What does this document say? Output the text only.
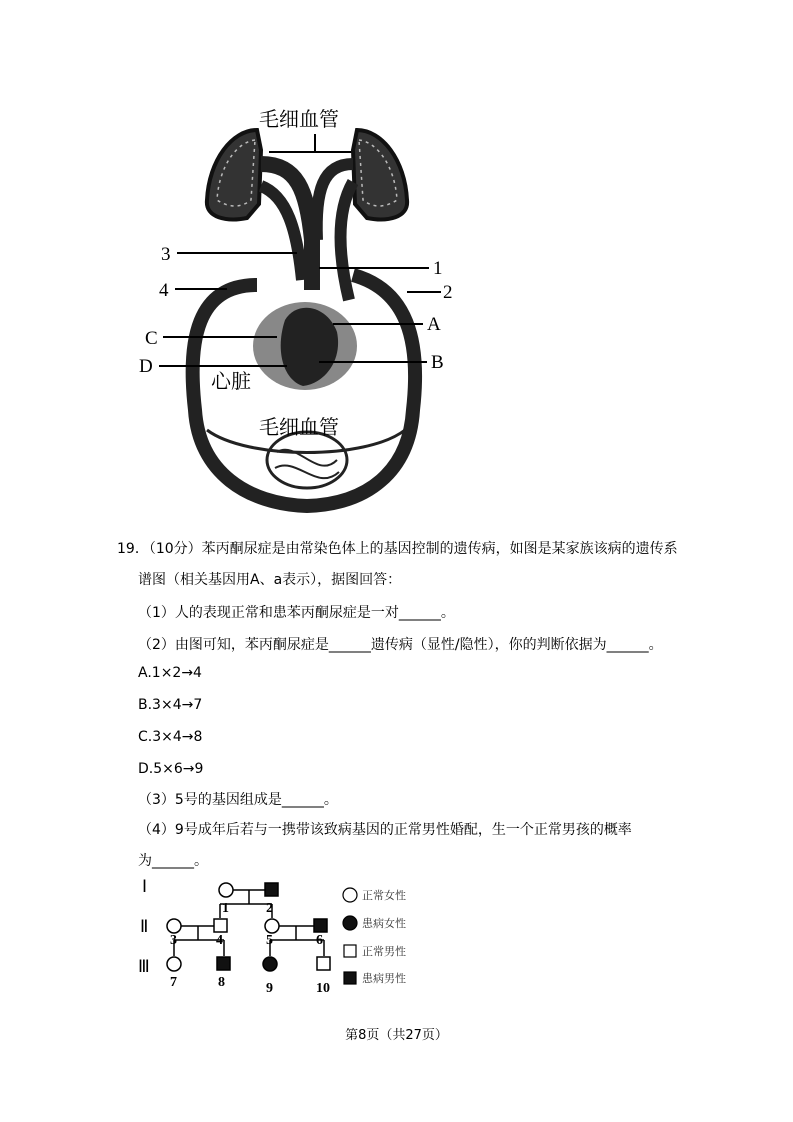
毛细血管
毛细血管
心脏
3
4
C
D
1
2
A
B
19．（10分）苯丙酮尿症是由常染色体上的基因控制的遗传病，如图是某家族该病的遗传系
谱图（相关基因用A、a表示），据图回答：
（1）人的表现正常和患苯丙酮尿症是一对______。
（2）由图可知，苯丙酮尿症是______遗传病（显性/隐性），你的判断依据为______。
A.1×2→4
B.3×4→7
C.3×4→8
D.5×6→9
（3）5号的基因组成是______。
（4）9号成年后若与一携带该致病基因的正常男性婚配，生一个正常男孩的概率
为______。
Ⅰ
Ⅱ
Ⅲ
1	2
3	4	5	6
7	8	9	10
正常女性
患病女性
正常男性
患病男性
第8页（共27页）
